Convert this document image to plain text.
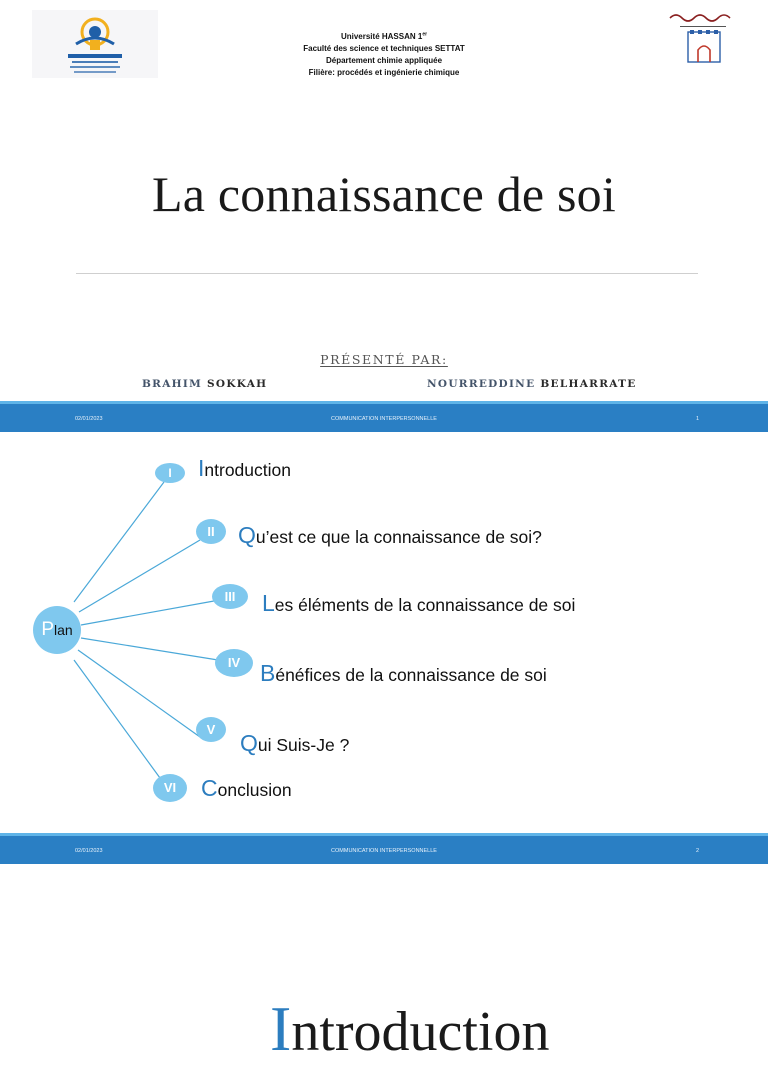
Université HASSAN 1er
Faculté des science et techniques SETTAT
Département chimie appliquée
Filière: procédés et ingénierie chimique
La connaissance de soi
PRÉSENTÉ PAR:
BRAHIM SOKKAH	NOURREDDINE BELHARRATE
02/01/2023	COMMUNICATION INTERPERSONNELLE	1
Plan
I
II
III
IV
V
VI
Introduction
Qu’est ce que la connaissance de soi?
Les éléments de la connaissance de soi
Bénéfices de la connaissance de soi
Qui Suis-Je ?
Conclusion
02/01/2023	COMMUNICATION INTERPERSONNELLE	2
Introduction
